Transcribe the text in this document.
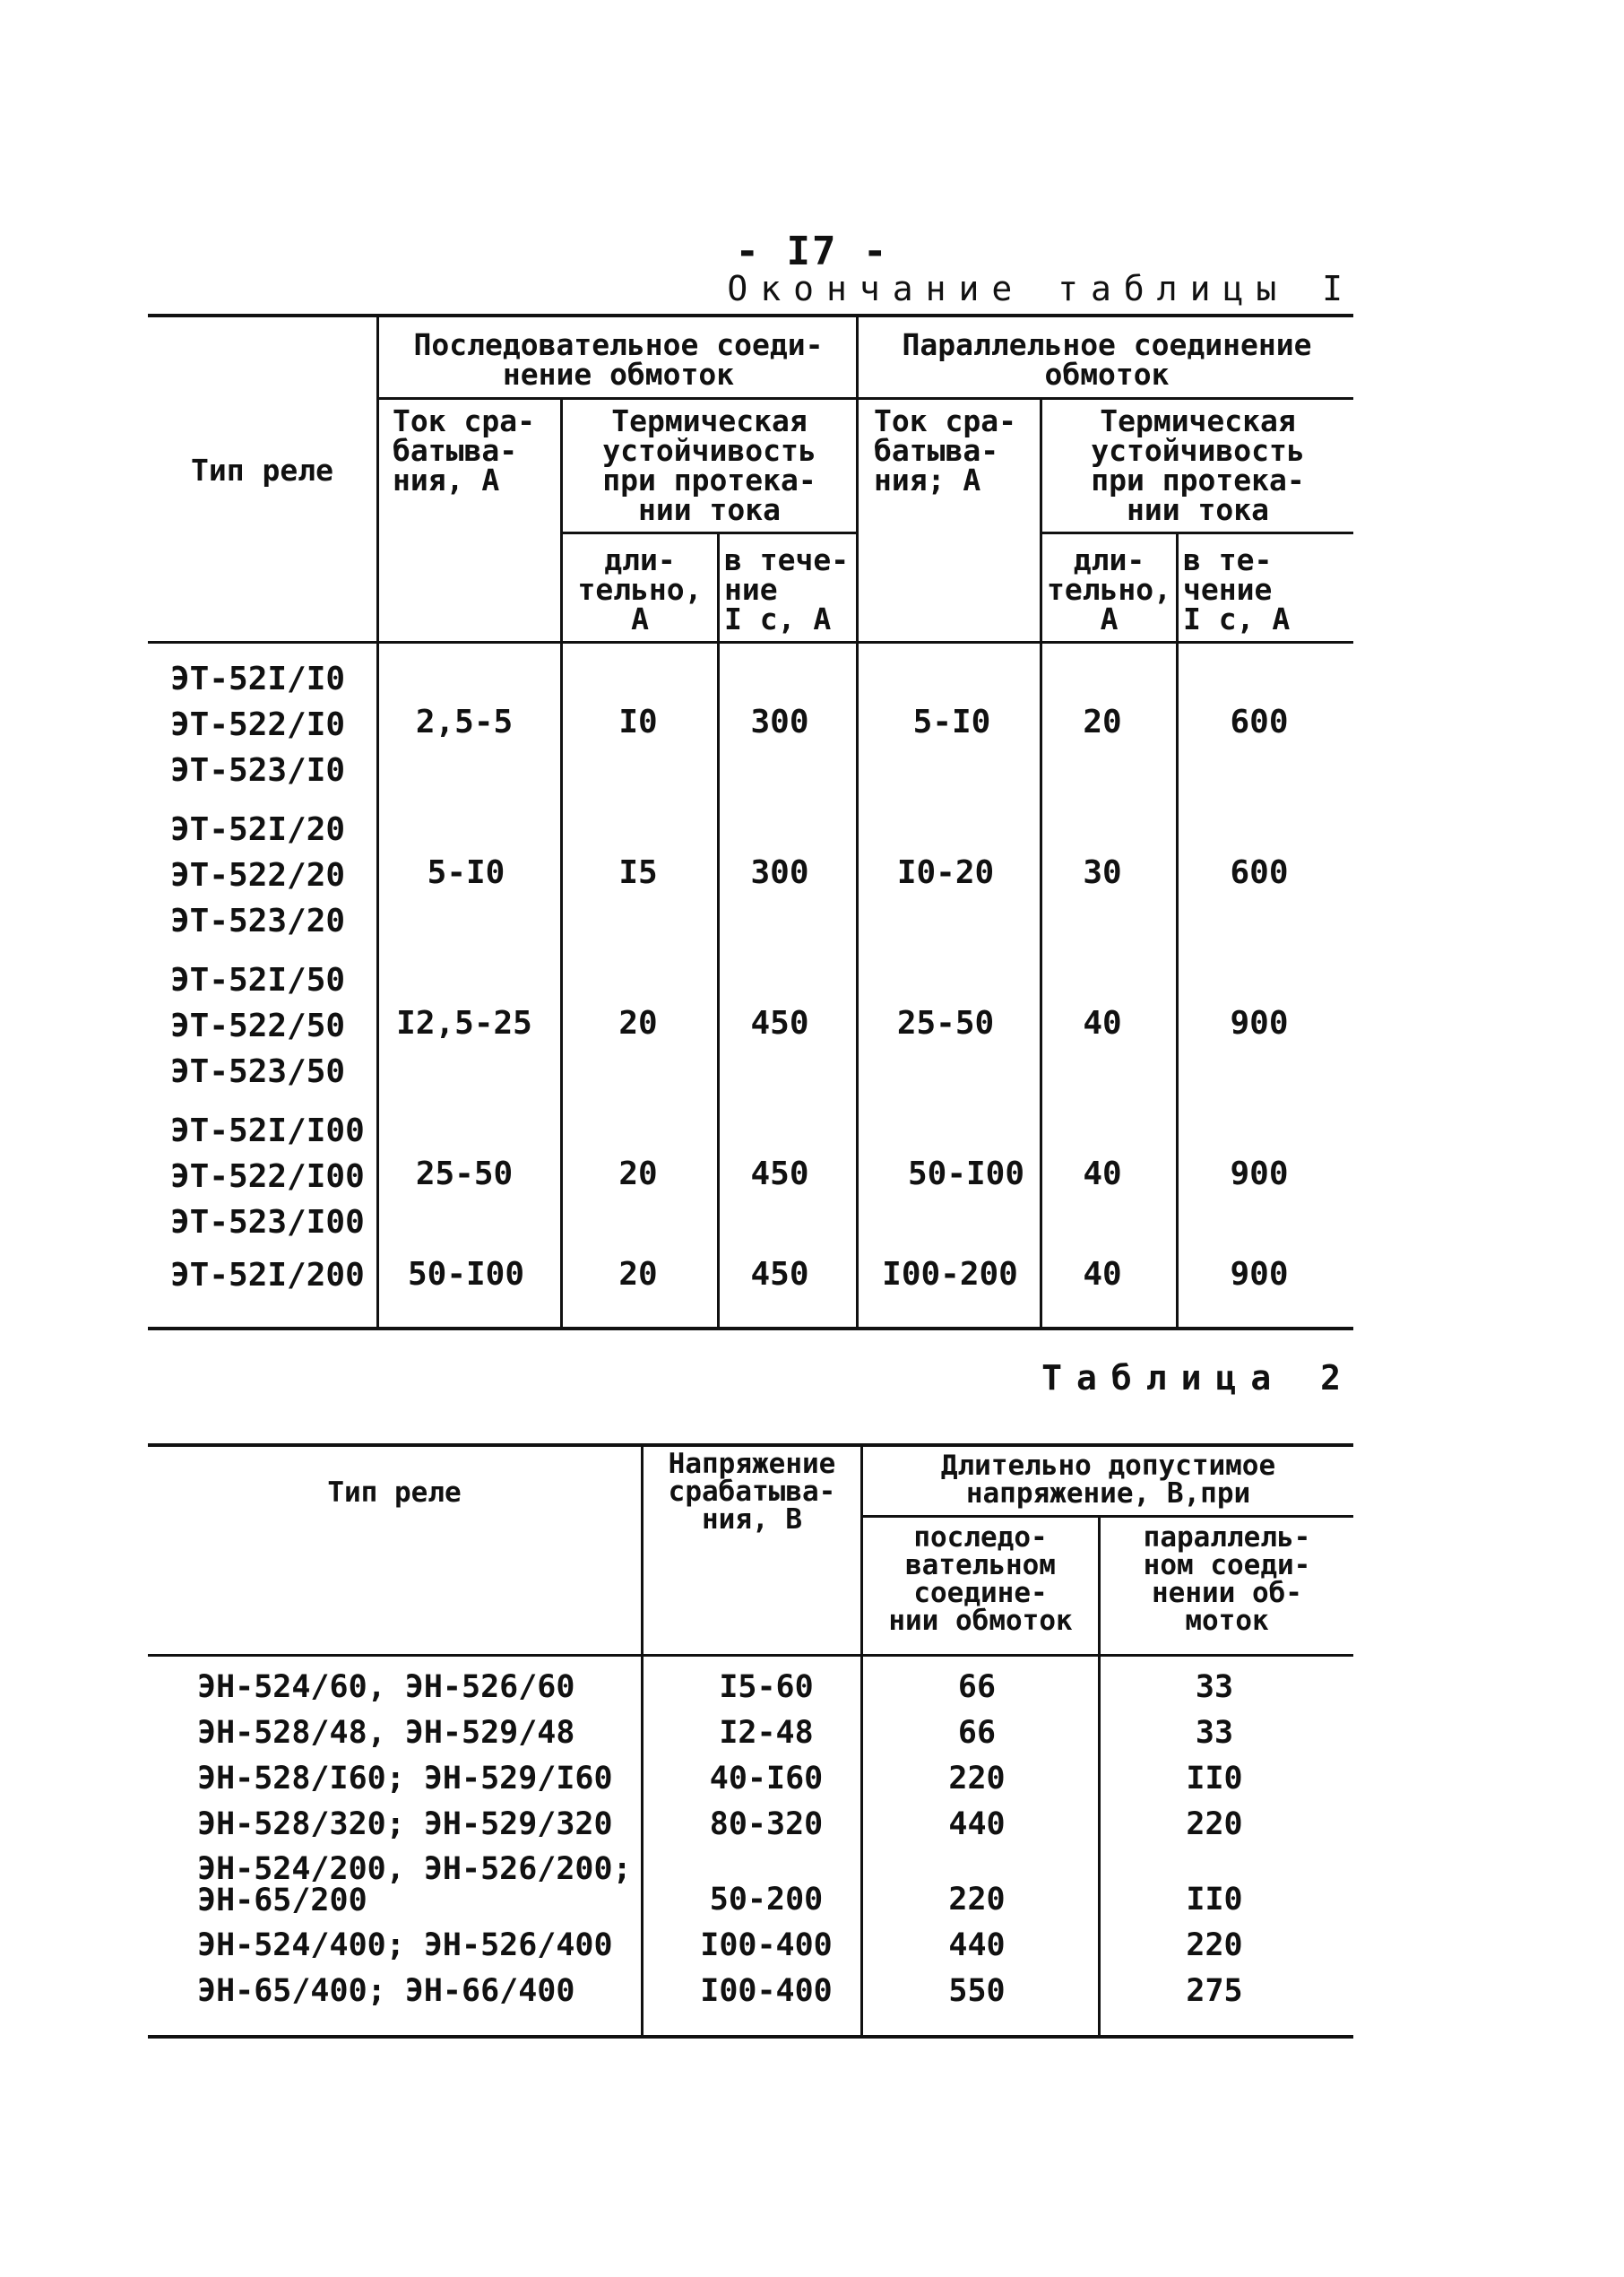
- I7 -
Окончание таблицы I
Тип реле
Последовательное соеди-
нение обмоток
Параллельное соединение
обмоток
Ток сра-
батыва-
ния, А
Термическая
устойчивость
при протека-
нии тока
Ток сра-
батыва-
ния; А
Термическая
устойчивость
при протека-
нии тока
дли-
тельно,
А
в тече-
ние
I с, А
дли-
тельно,
А
в те-
чение
I с, А
ЭТ-52I/I0
ЭТ-522/I0
ЭТ-523/I0
2,5-5	I0	300	5-I0	20	600
ЭТ-52I/20
ЭТ-522/20
ЭТ-523/20
5-I0	I5	300	I0-20	30	600
ЭТ-52I/50
ЭТ-522/50
ЭТ-523/50
I2,5-25	20	450	25-50	40	900
ЭТ-52I/I00
ЭТ-522/I00
ЭТ-523/I00
25-50	20	450	50-I00 40	900
ЭТ-52I/200 50-I00	20	450 I00-200 40	900
Таблица 2
Тип реле
Напряжение
срабатыва-
ния, В
Длительно допустимое
напряжение, В,при
последо-
вательном
соедине-
нии обмоток
параллель-
ном соеди-
нении об-
моток
ЭН-524/60, ЭН-526/60	I5-60	66	33
ЭН-528/48, ЭН-529/48	I2-48	66	33
ЭН-528/I60; ЭН-529/I60	40-I60	220	II0
ЭН-528/320; ЭН-529/320	80-320	440	220
ЭН-524/200, ЭН-526/200;
ЭН-65/200	50-200	220	II0
ЭН-524/400; ЭН-526/400	I00-400	440	220
ЭН-65/400; ЭН-66/400	I00-400	550	275
